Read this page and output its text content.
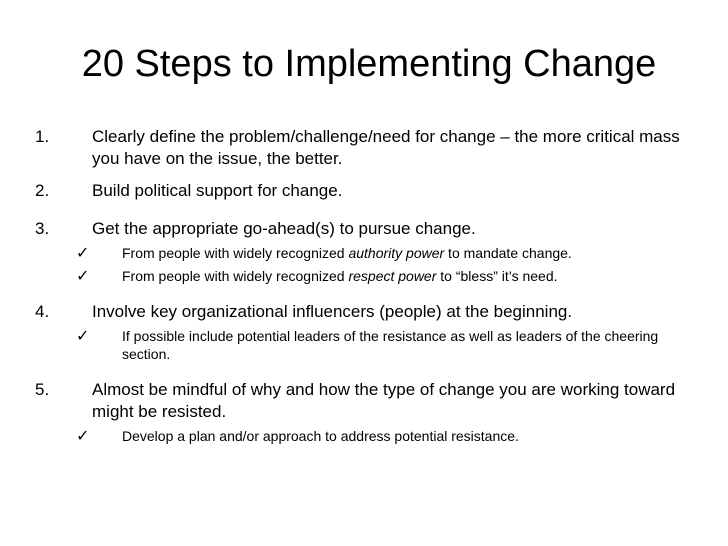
20 Steps to Implementing Change
1.	Clearly define the problem/challenge/need for change – the more critical mass you have on the issue, the better.
2.	Build political support for change.
3.	Get the appropriate go-ahead(s) to pursue change.
✓ From people with widely recognized authority power to mandate change.
✓ From people with widely recognized respect power to “bless” it’s need.
4.	Involve key organizational influencers (people) at the beginning.
✓ If possible include potential leaders of the resistance as well as leaders of the cheering section.
5.	Almost be mindful of why and how the type of change you are working toward might be resisted.
✓ Develop a plan and/or approach to address potential resistance.
